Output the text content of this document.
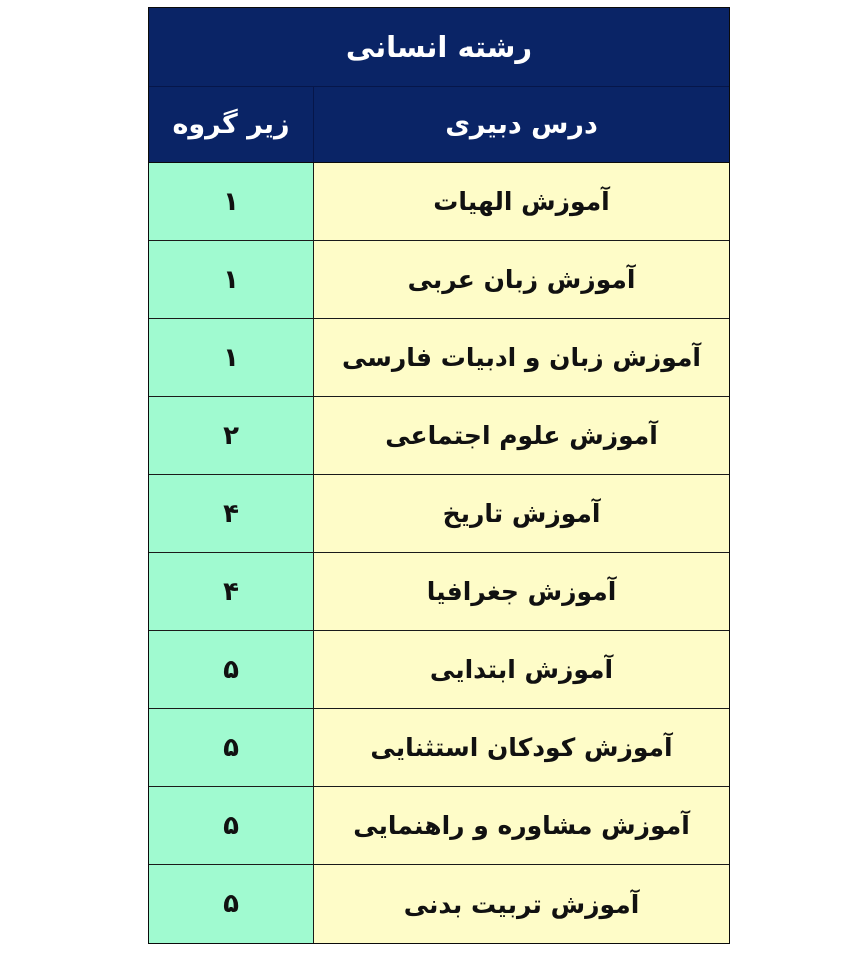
رشته انسانی
درس دبیری
زیر گروه
آموزش الهیات
۱
آموزش زبان عربی
۱
آموزش زبان و ادبیات فارسی
۱
آموزش علوم اجتماعی
۲
آموزش تاریخ
۴
آموزش جغرافیا
۴
آموزش ابتدایی
۵
آموزش کودکان استثنایی
۵
آموزش مشاوره و راهنمایی
۵
آموزش تربیت بدنی
۵
